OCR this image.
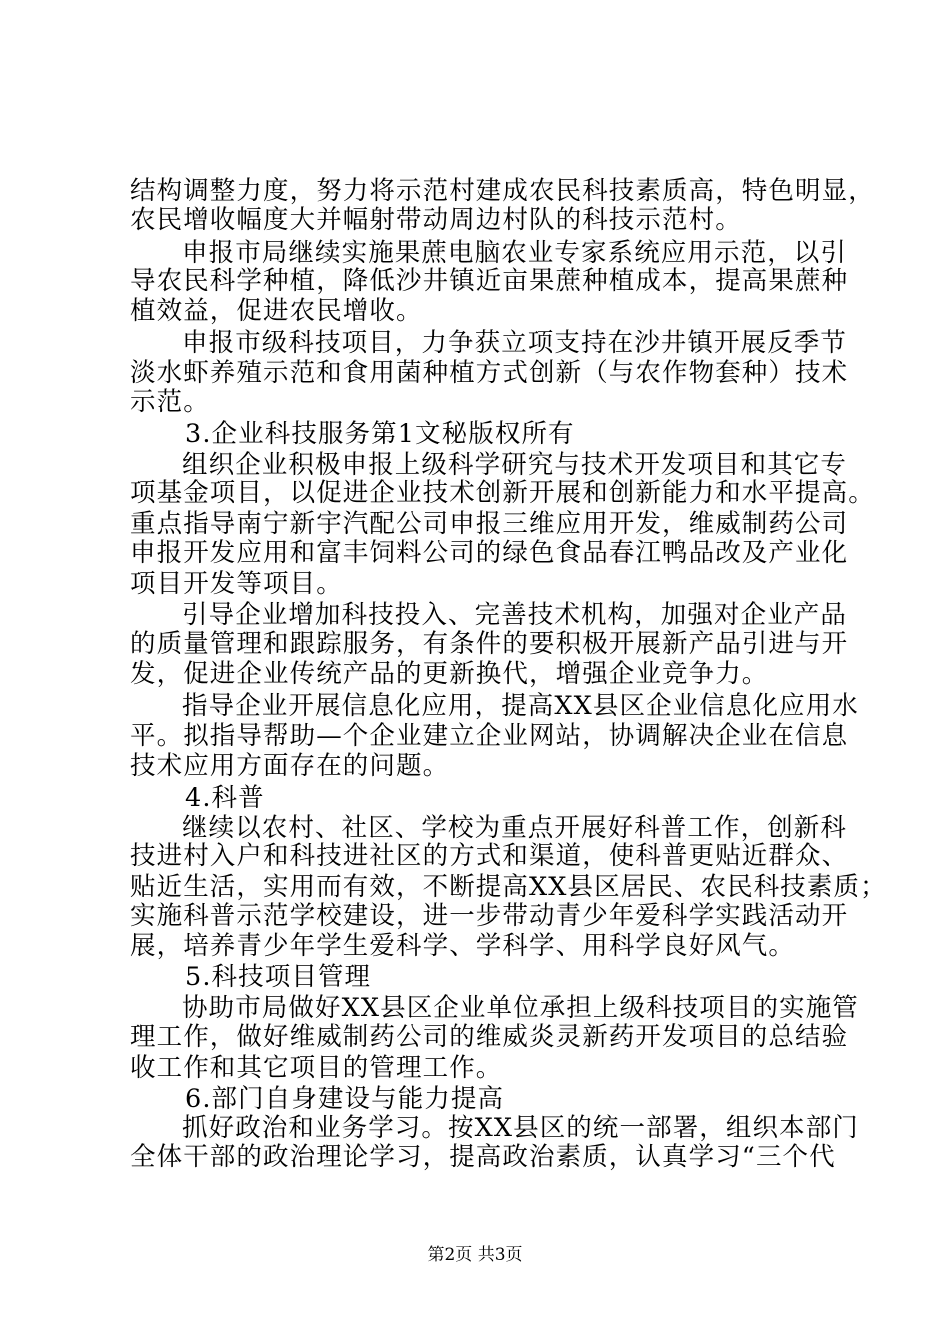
结构调整力度，努力将示范村建成农民科技素质高，特色明显，
农民增收幅度大并幅射带动周边村队的科技示范村。
申报市局继续实施果蔗电脑农业专家系统应用示范，以引
导农民科学种植，降低沙井镇近亩果蔗种植成本，提高果蔗种
植效益，促进农民增收。
申报市级科技项目，力争获立项支持在沙井镇开展反季节
淡水虾养殖示范和食用菌种植方式创新（与农作物套种）技术
示范。
3.企业科技服务第1文秘版权所有
组织企业积极申报上级科学研究与技术开发项目和其它专
项基金项目，以促进企业技术创新开展和创新能力和水平提高。
重点指导南宁新宇汽配公司申报三维应用开发，维威制药公司
申报开发应用和富丰饲料公司的绿色食品春江鸭品改及产业化
项目开发等项目。
引导企业增加科技投入、完善技术机构，加强对企业产品
的质量管理和跟踪服务，有条件的要积极开展新产品引进与开
发，促进企业传统产品的更新换代，增强企业竞争力。
指导企业开展信息化应用，提高XX县区企业信息化应用水
平。拟指导帮助—个企业建立企业网站，协调解决企业在信息
技术应用方面存在的问题。
4.科普
继续以农村、社区、学校为重点开展好科普工作，创新科
技进村入户和科技进社区的方式和渠道，使科普更贴近群众、
贴近生活，实用而有效，不断提高XX县区居民、农民科技素质；
实施科普示范学校建设，进一步带动青少年爱科学实践活动开
展，培养青少年学生爱科学、学科学、用科学良好风气。
5.科技项目管理
协助市局做好XX县区企业单位承担上级科技项目的实施管
理工作，做好维威制药公司的维威炎灵新药开发项目的总结验
收工作和其它项目的管理工作。
6.部门自身建设与能力提高
抓好政治和业务学习。按XX县区的统一部署，组织本部门
全体干部的政治理论学习，提高政治素质，认真学习“三个代
第2页 共3页
